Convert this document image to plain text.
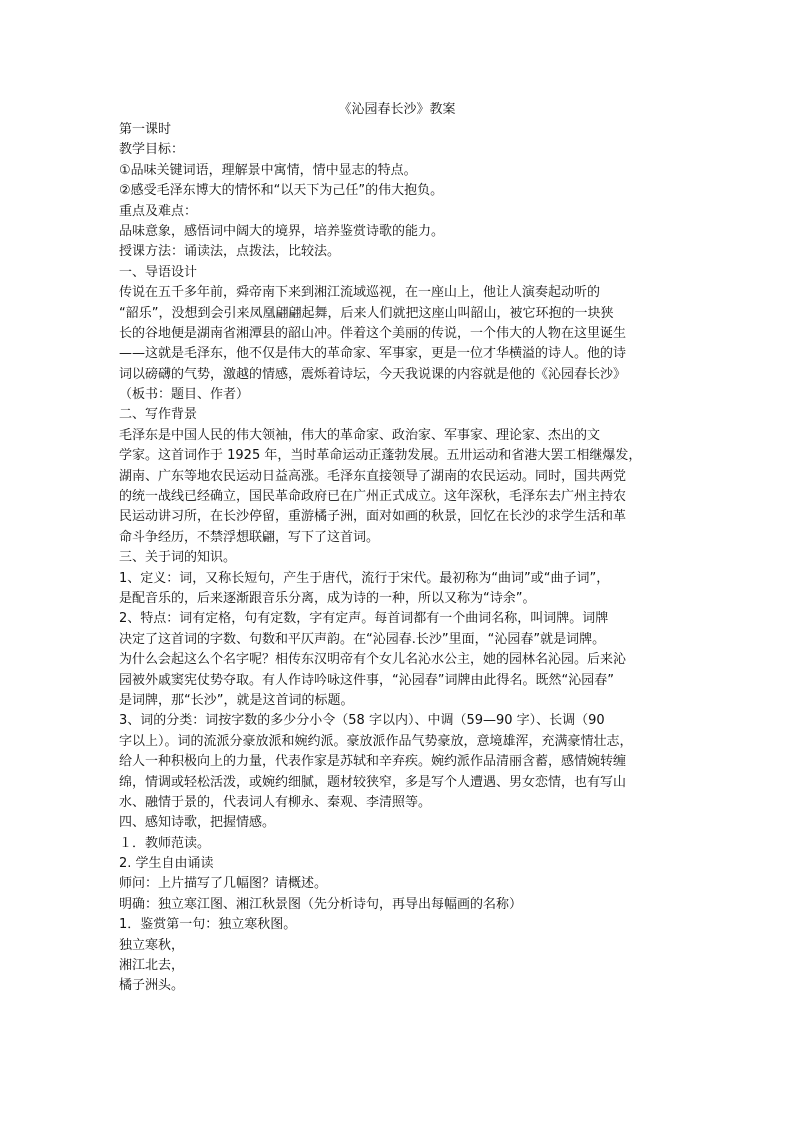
《沁园春长沙》教案
第一课时
教学目标：
①品味关键词语，理解景中寓情，情中显志的特点。
②感受毛泽东博大的情怀和“以天下为己任”的伟大抱负。
重点及难点：
品味意象，感悟词中阔大的境界，培养鉴赏诗歌的能力。
授课方法：诵读法，点拨法，比较法。
一、导语设计
传说在五千多年前，舜帝南下来到湘江流域巡视，在一座山上，他让人演奏起动听的
“韶乐”，没想到会引来凤凰翩翩起舞，后来人们就把这座山叫韶山，被它环抱的一块狭
长的谷地便是湖南省湘潭县的韶山冲。伴着这个美丽的传说，一个伟大的人物在这里诞生
——这就是毛泽东，他不仅是伟大的革命家、军事家，更是一位才华横溢的诗人。他的诗
词以磅礴的气势，激越的情感，震烁着诗坛，今天我说课的内容就是他的《沁园春长沙》
（板书：题目、作者）
二、写作背景
毛泽东是中国人民的伟大领袖，伟大的革命家、政治家、军事家、理论家、杰出的文
学家。这首词作于 1925 年，当时革命运动正蓬勃发展。五卅运动和省港大罢工相继爆发，
湖南、广东等地农民运动日益高涨。毛泽东直接领导了湖南的农民运动。同时，国共两党
的统一战线已经确立，国民革命政府已在广州正式成立。这年深秋，毛泽东去广州主持农
民运动讲习所，在长沙停留，重游橘子洲，面对如画的秋景，回忆在长沙的求学生活和革
命斗争经历，不禁浮想联翩，写下了这首词。
三、关于词的知识。
1、定义：词，又称长短句，产生于唐代，流行于宋代。最初称为“曲词”或“曲子词”，
是配音乐的，后来逐渐跟音乐分离，成为诗的一种，所以又称为“诗余”。
2、特点：词有定格，句有定数，字有定声。每首词都有一个曲词名称，叫词牌。词牌
决定了这首词的字数、句数和平仄声韵。在“沁园春.长沙”里面，“沁园春”就是词牌。
为什么会起这么个名字呢？相传东汉明帝有个女儿名沁水公主，她的园林名沁园。后来沁
园被外戚窦宪仗势夺取。有人作诗吟咏这件事，“沁园春”词牌由此得名。既然“沁园春”
是词牌，那“长沙”，就是这首词的标题。
3、词的分类：词按字数的多少分小令（58 字以内）、中调（59—90 字）、长调（90
字以上）。词的流派分豪放派和婉约派。豪放派作品气势豪放，意境雄浑，充满豪情壮志，
给人一种积极向上的力量，代表作家是苏轼和辛弃疾。婉约派作品清丽含蓄，感情婉转缠
绵，情调或轻松活泼，或婉约细腻，题材较狭窄，多是写个人遭遇、男女恋情，也有写山
水、融情于景的，代表词人有柳永、秦观、李清照等。
四、感知诗歌，把握情感。
１．教师范读。
2. 学生自由诵读
师问：上片描写了几幅图？请概述。
明确：独立寒江图、湘江秋景图（先分析诗句，再导出每幅画的名称）
1．鉴赏第一句：独立寒秋图。
独立寒秋，
湘江北去，
橘子洲头。
